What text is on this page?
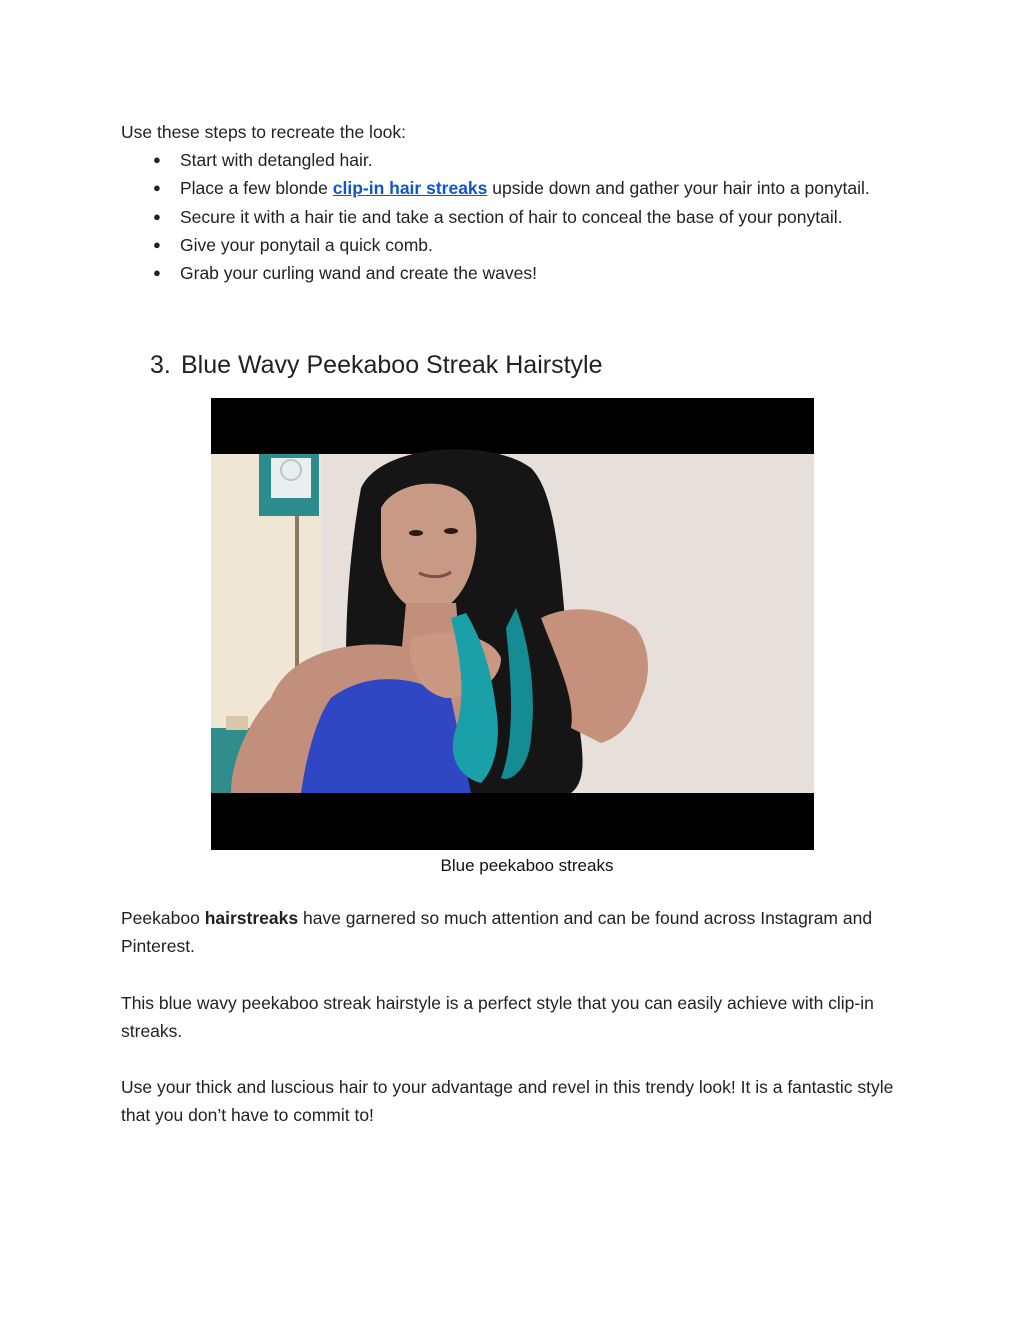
Use these steps to recreate the look:

● Start with detangled hair.
● Place a few blonde clip-in hair streaks upside down and gather your hair into a ponytail.
● Secure it with a hair tie and take a section of hair to conceal the base of your ponytail.
● Give your ponytail a quick comb.
● Grab your curling wand and create the waves!
3. Blue Wavy Peekaboo Streak Hairstyle
Blue peekaboo streaks

Peekaboo hairstreaks have garnered so much attention and can be found across Instagram and Pinterest.

This blue wavy peekaboo streak hairstyle is a perfect style that you can easily achieve with clip-in streaks.

Use your thick and luscious hair to your advantage and revel in this trendy look! It is a fantastic style that you don’t have to commit to!
